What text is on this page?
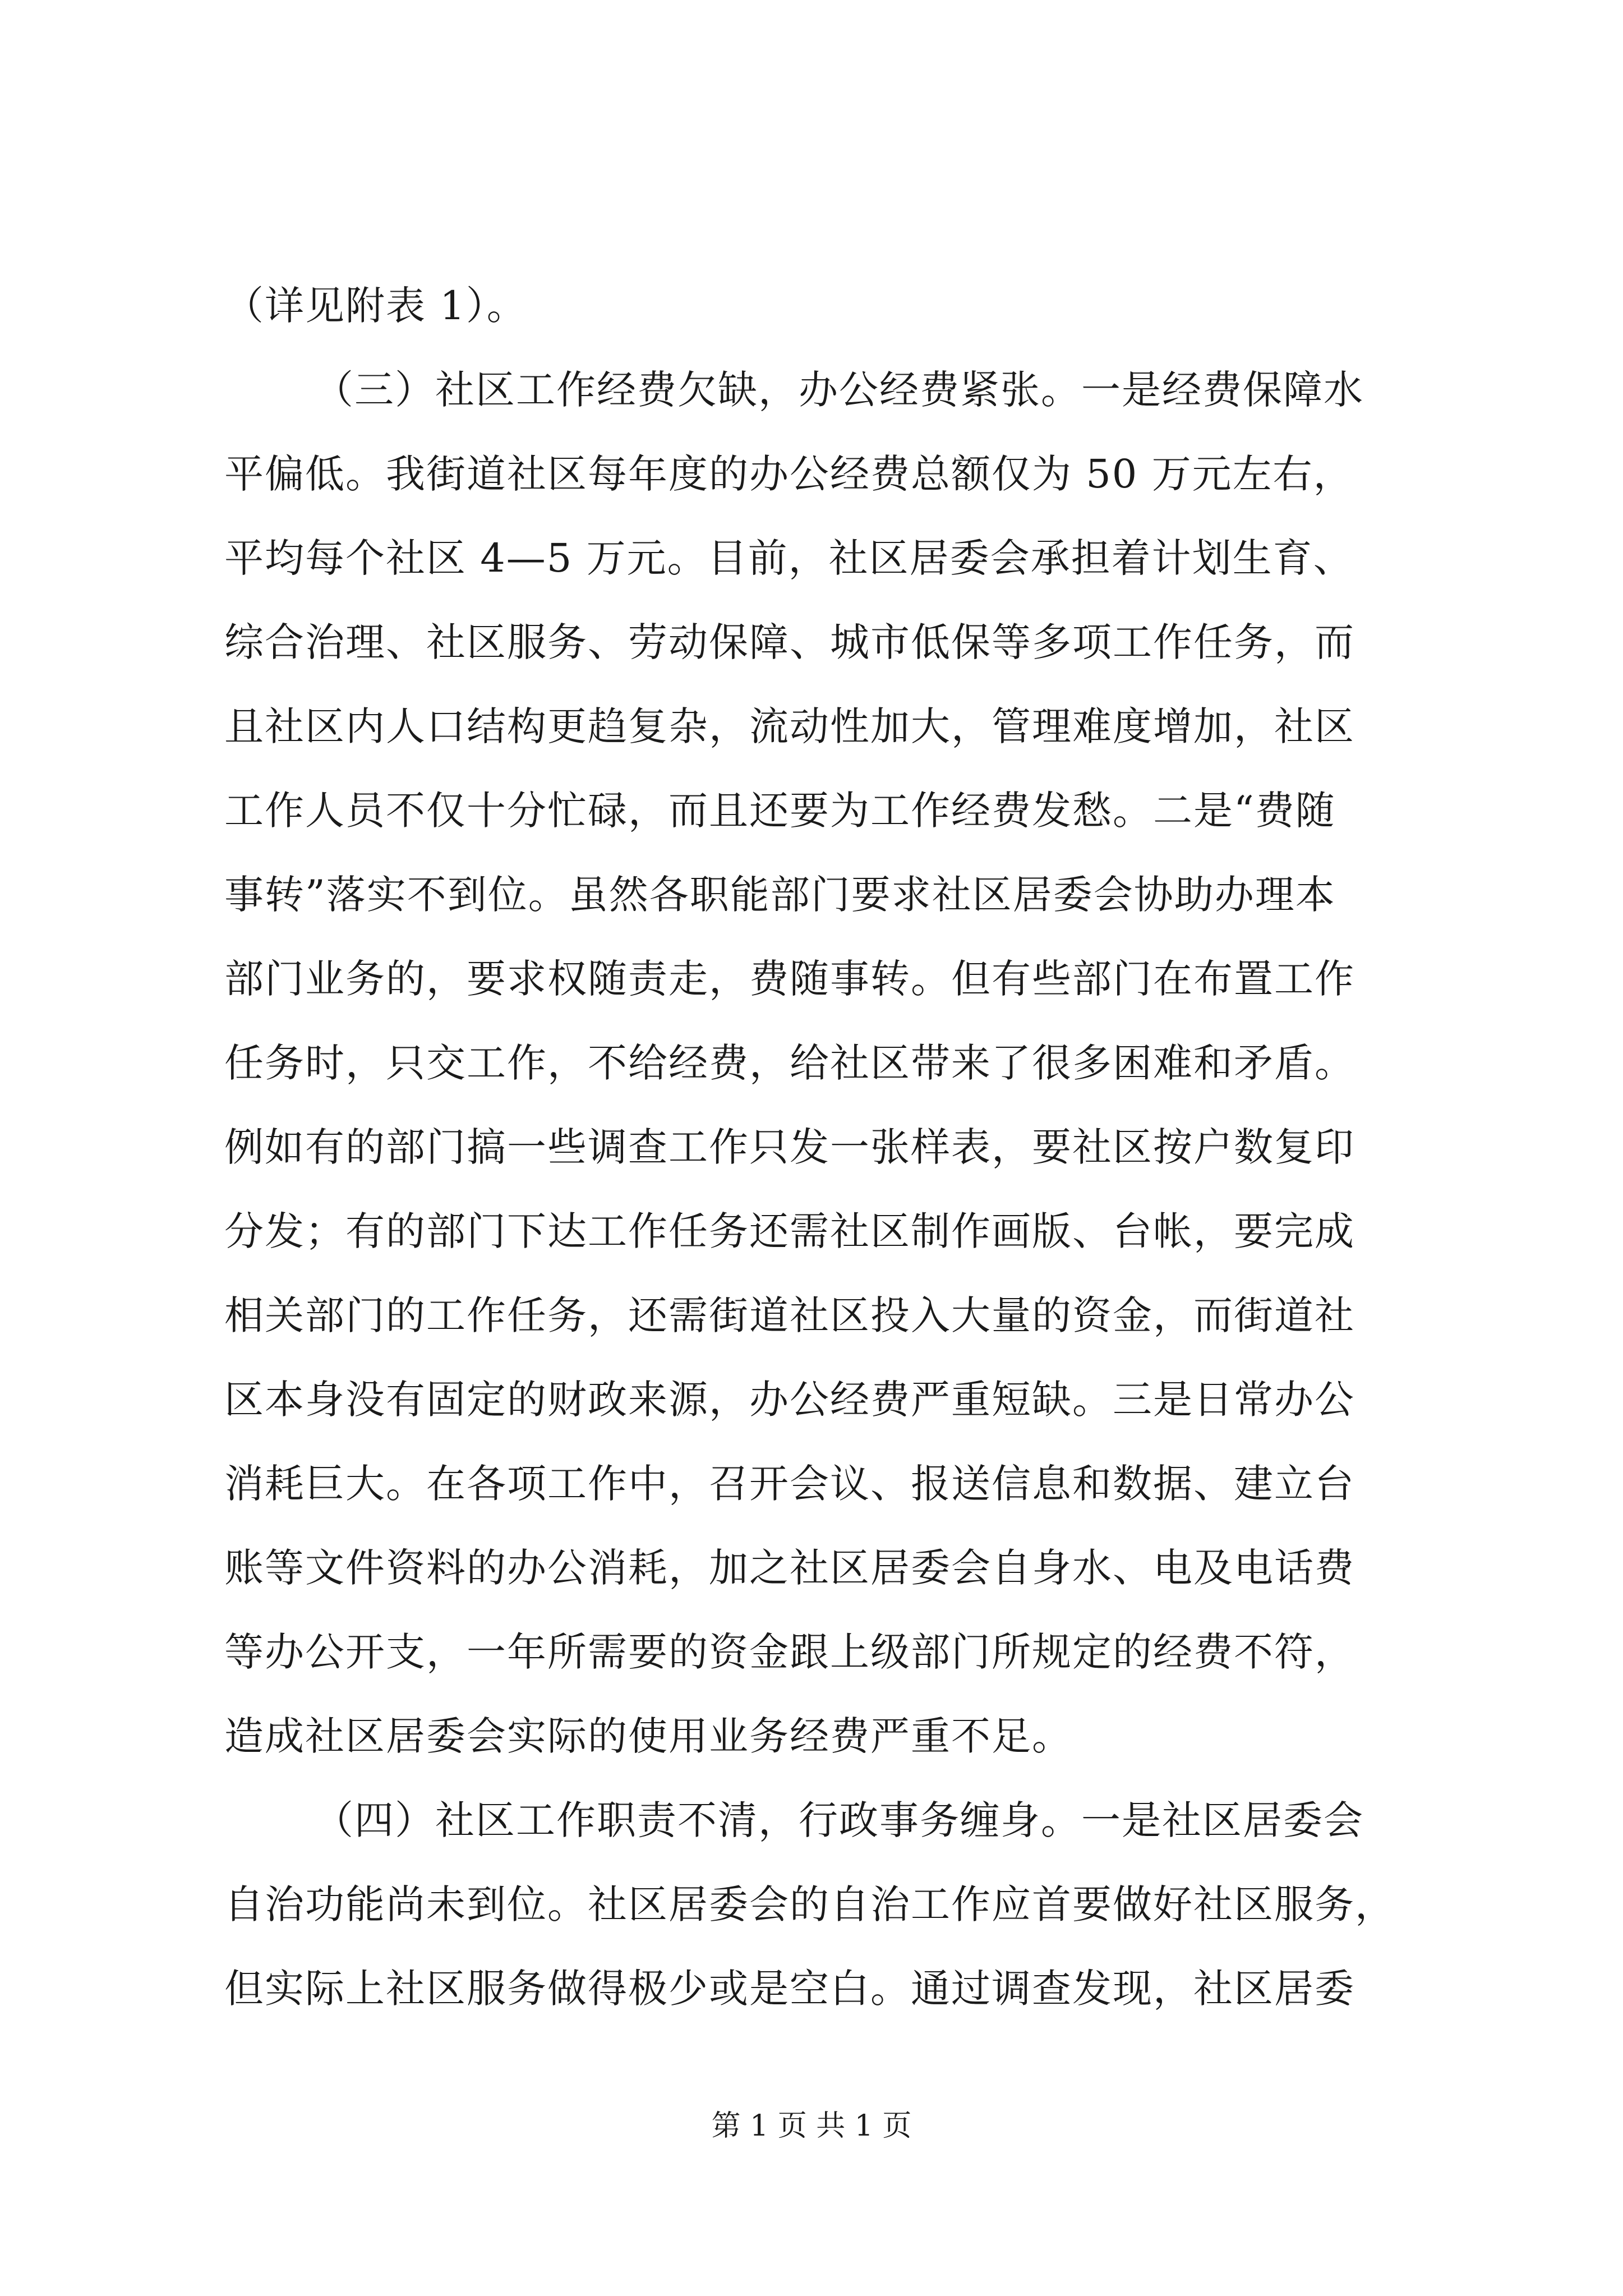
（详见附表 1）。
（三）社区工作经费欠缺，办公经费紧张。一是经费保障水
平偏低。我街道社区每年度的办公经费总额仅为 50 万元左右，
平均每个社区 4—5 万元。目前，社区居委会承担着计划生育、
综合治理、社区服务、劳动保障、城市低保等多项工作任务，而
且社区内人口结构更趋复杂，流动性加大，管理难度增加，社区
工作人员不仅十分忙碌，而且还要为工作经费发愁。二是“费随
事转”落实不到位。虽然各职能部门要求社区居委会协助办理本
部门业务的，要求权随责走，费随事转。但有些部门在布置工作
任务时，只交工作，不给经费，给社区带来了很多困难和矛盾。
例如有的部门搞一些调查工作只发一张样表，要社区按户数复印
分发；有的部门下达工作任务还需社区制作画版、台帐，要完成
相关部门的工作任务，还需街道社区投入大量的资金，而街道社
区本身没有固定的财政来源，办公经费严重短缺。三是日常办公
消耗巨大。在各项工作中，召开会议、报送信息和数据、建立台
账等文件资料的办公消耗，加之社区居委会自身水、电及电话费
等办公开支，一年所需要的资金跟上级部门所规定的经费不符，
造成社区居委会实际的使用业务经费严重不足。
（四）社区工作职责不清，行政事务缠身。一是社区居委会
自治功能尚未到位。社区居委会的自治工作应首要做好社区服务，
但实际上社区服务做得极少或是空白。通过调查发现，社区居委
第 1 页 共 1 页
